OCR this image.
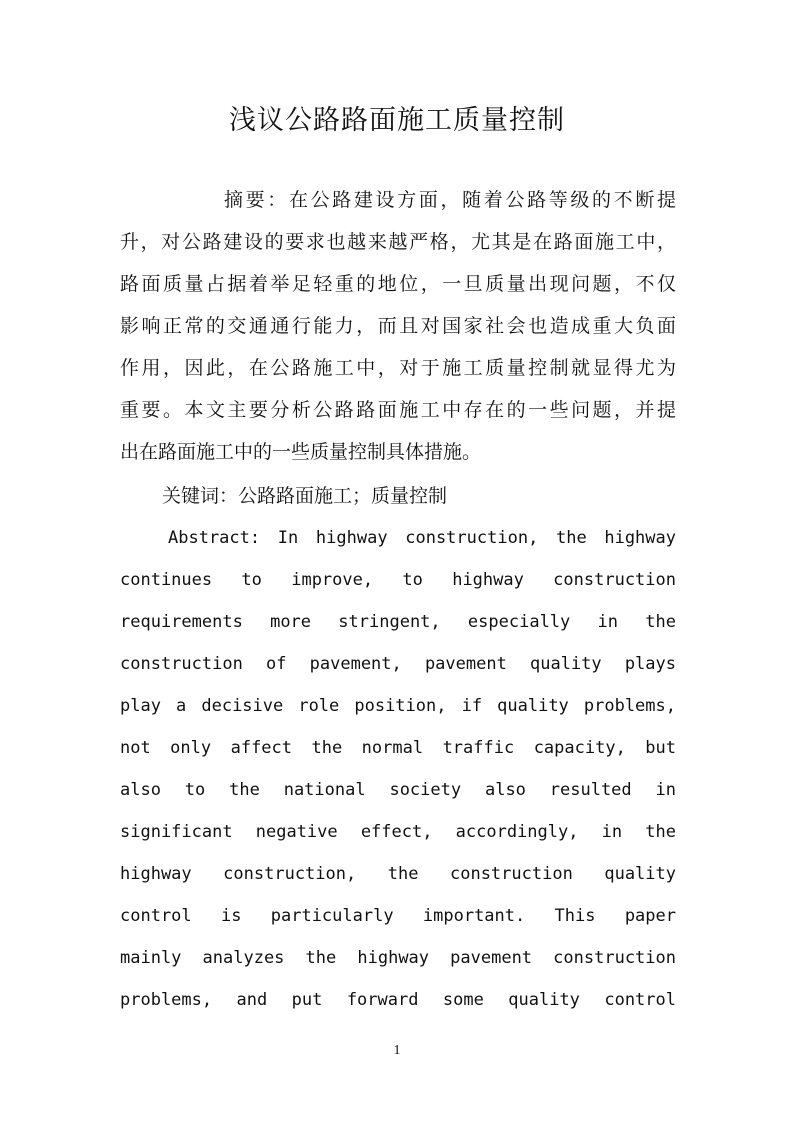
浅议公路路面施工质量控制
摘要：在公路建设方面，随着公路等级的不断提
升，对公路建设的要求也越来越严格，尤其是在路面施工中，
路面质量占据着举足轻重的地位，一旦质量出现问题，不仅
影响正常的交通通行能力，而且对国家社会也造成重大负面
作用，因此，在公路施工中，对于施工质量控制就显得尤为
重要。本文主要分析公路路面施工中存在的一些问题，并提
出在路面施工中的一些质量控制具体措施。
关键词：公路路面施工；质量控制
Abstract: In highway construction, the highway
continues to improve, to highway construction
requirements more stringent, especially in the
construction of pavement, pavement quality plays
play a decisive role position, if quality problems,
not only affect the normal traffic capacity, but
also to the national society also resulted in
significant negative effect, accordingly, in the
highway construction, the construction quality
control is particularly important. This paper
mainly analyzes the highway pavement construction
problems, and put forward some quality control
1
